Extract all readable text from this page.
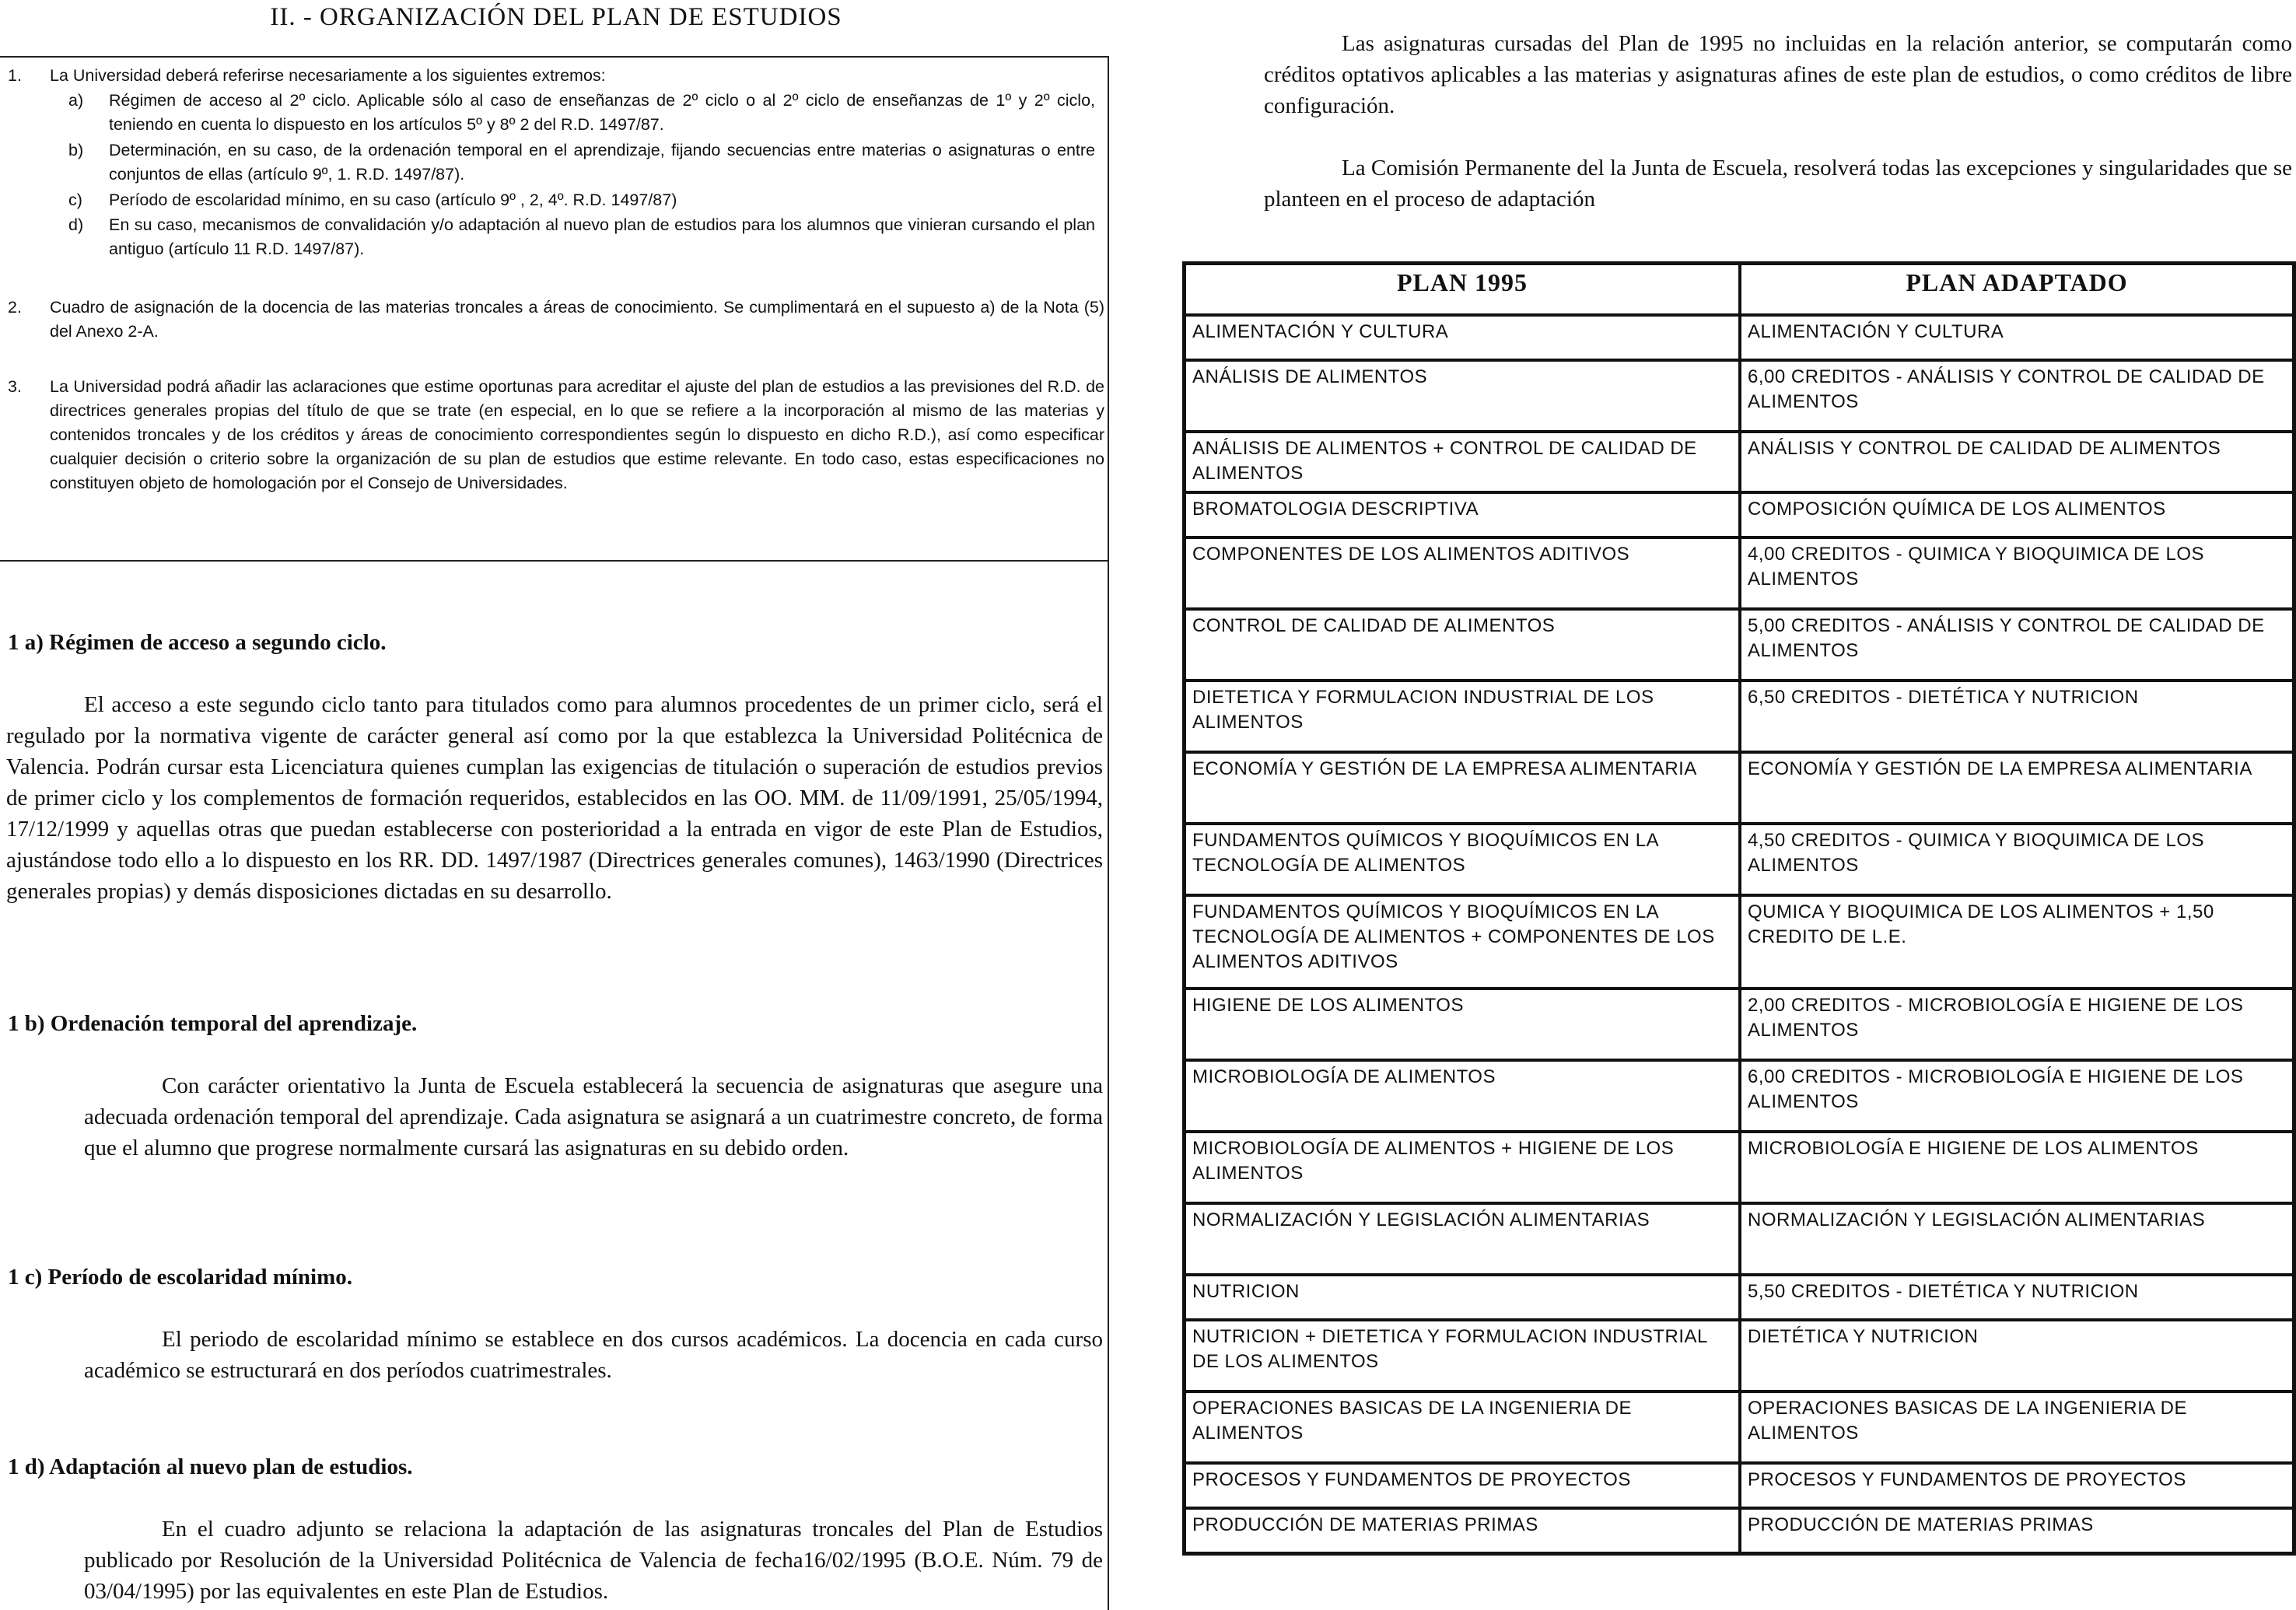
II. - ORGANIZACIÓN DEL PLAN DE ESTUDIOS
1. La Universidad deberá referirse necesariamente a los siguientes extremos:
a) Régimen de acceso al 2º ciclo. Aplicable sólo al caso de enseñanzas de 2º ciclo o al 2º ciclo de enseñanzas de 1º y 2º ciclo, teniendo en cuenta lo dispuesto en los artículos 5º y 8º 2 del R.D. 1497/87.
b) Determinación, en su caso, de la ordenación temporal en el aprendizaje, fijando secuencias entre materias o asignaturas o entre conjuntos de ellas (artículo 9º, 1. R.D. 1497/87).
c) Período de escolaridad mínimo, en su caso (artículo 9º , 2, 4º. R.D. 1497/87)
d) En su caso, mecanismos de convalidación y/o adaptación al nuevo plan de estudios para los alumnos que vinieran cursando el plan antiguo (artículo 11 R.D. 1497/87).
2. Cuadro de asignación de la docencia de las materias troncales a áreas de conocimiento. Se cumplimentará en el supuesto a) de la Nota (5) del Anexo 2-A.
3. La Universidad podrá añadir las aclaraciones que estime oportunas para acreditar el ajuste del plan de estudios a las previsiones del R.D. de directrices generales propias del título de que se trate (en especial, en lo que se refiere a la incorporación al mismo de las materias y contenidos troncales y de los créditos y áreas de conocimiento correspondientes según lo dispuesto en dicho R.D.), así como especificar cualquier decisión o criterio sobre la organización de su plan de estudios que estime relevante. En todo caso, estas especificaciones no constituyen objeto de homologación por el Consejo de Universidades.
1 a) Régimen de acceso a segundo ciclo.
El acceso a este segundo ciclo tanto para titulados como para alumnos procedentes de un primer ciclo, será el regulado por la normativa vigente de carácter general así como por la que establezca la Universidad Politécnica de Valencia. Podrán cursar esta Licenciatura quienes cumplan las exigencias de titulación o superación de estudios previos de primer ciclo y los complementos de formación requeridos, establecidos en las OO. MM. de 11/09/1991, 25/05/1994, 17/12/1999 y aquellas otras que puedan establecerse con posterioridad a la entrada en vigor de este Plan de Estudios, ajustándose todo ello a lo dispuesto en los RR. DD. 1497/1987 (Directrices generales comunes), 1463/1990 (Directrices generales propias) y demás disposiciones dictadas en su desarrollo.
1 b) Ordenación temporal del aprendizaje.
Con carácter orientativo la Junta de Escuela establecerá la secuencia de asignaturas que asegure una adecuada ordenación temporal del aprendizaje. Cada asignatura se asignará a un cuatrimestre concreto, de forma que el alumno que progrese normalmente cursará las asignaturas en su debido orden.
1 c) Período de escolaridad mínimo.
El periodo de escolaridad mínimo se establece en dos cursos académicos. La docencia en cada curso académico se estructurará en dos períodos cuatrimestrales.
1 d) Adaptación al nuevo plan de estudios.
En el cuadro adjunto se relaciona la adaptación de las asignaturas troncales del Plan de Estudios publicado por Resolución de la Universidad Politécnica de Valencia de fecha16/02/1995 (B.O.E. Núm. 79 de 03/04/1995) por las equivalentes en este Plan de Estudios.
Las asignaturas cursadas del Plan de 1995 no incluidas en la relación anterior, se computarán como créditos optativos aplicables a las materias y asignaturas afines de este plan de estudios, o como créditos de libre configuración.
La Comisión Permanente del la Junta de Escuela, resolverá todas las excepciones y singularidades que se planteen en el proceso de adaptación
PLAN 1995	PLAN ADAPTADO
ALIMENTACIÓN Y CULTURA	ALIMENTACIÓN Y CULTURA
ANÁLISIS DE ALIMENTOS	6,00 CREDITOS - ANÁLISIS Y CONTROL DE CALIDAD DE ALIMENTOS
ANÁLISIS DE ALIMENTOS + CONTROL DE CALIDAD DE ALIMENTOS	ANÁLISIS Y CONTROL DE CALIDAD DE ALIMENTOS
BROMATOLOGIA DESCRIPTIVA	COMPOSICIÓN QUÍMICA DE LOS ALIMENTOS
COMPONENTES DE LOS ALIMENTOS ADITIVOS	4,00 CREDITOS - QUIMICA Y BIOQUIMICA DE LOS ALIMENTOS
CONTROL DE CALIDAD DE ALIMENTOS	5,00 CREDITOS - ANÁLISIS Y CONTROL DE CALIDAD DE ALIMENTOS
DIETETICA Y FORMULACION INDUSTRIAL DE LOS ALIMENTOS	6,50 CREDITOS - DIETÉTICA Y NUTRICION
ECONOMÍA Y GESTIÓN DE LA EMPRESA ALIMENTARIA	ECONOMÍA Y GESTIÓN DE LA EMPRESA ALIMENTARIA
FUNDAMENTOS QUÍMICOS Y BIOQUÍMICOS EN LA TECNOLOGÍA DE ALIMENTOS	4,50 CREDITOS - QUIMICA Y BIOQUIMICA DE LOS ALIMENTOS
FUNDAMENTOS QUÍMICOS Y BIOQUÍMICOS EN LA TECNOLOGÍA DE ALIMENTOS + COMPONENTES DE LOS ALIMENTOS ADITIVOS	QUMICA Y BIOQUIMICA DE LOS ALIMENTOS + 1,50 CREDITO DE L.E.
HIGIENE DE LOS ALIMENTOS	2,00 CREDITOS - MICROBIOLOGÍA E HIGIENE DE LOS ALIMENTOS
MICROBIOLOGÍA DE ALIMENTOS	6,00 CREDITOS - MICROBIOLOGÍA E HIGIENE DE LOS ALIMENTOS
MICROBIOLOGÍA DE ALIMENTOS + HIGIENE DE LOS ALIMENTOS	MICROBIOLOGÍA E HIGIENE DE LOS ALIMENTOS
NORMALIZACIÓN Y LEGISLACIÓN ALIMENTARIAS	NORMALIZACIÓN Y LEGISLACIÓN ALIMENTARIAS
NUTRICION	5,50 CREDITOS - DIETÉTICA Y NUTRICION
NUTRICION + DIETETICA Y FORMULACION INDUSTRIAL DE LOS ALIMENTOS	DIETÉTICA Y NUTRICION
OPERACIONES BASICAS DE LA INGENIERIA DE ALIMENTOS	OPERACIONES BASICAS DE LA INGENIERIA DE ALIMENTOS
PROCESOS Y FUNDAMENTOS DE PROYECTOS	PROCESOS Y FUNDAMENTOS DE PROYECTOS
PRODUCCIÓN DE MATERIAS PRIMAS	PRODUCCIÓN DE MATERIAS PRIMAS
